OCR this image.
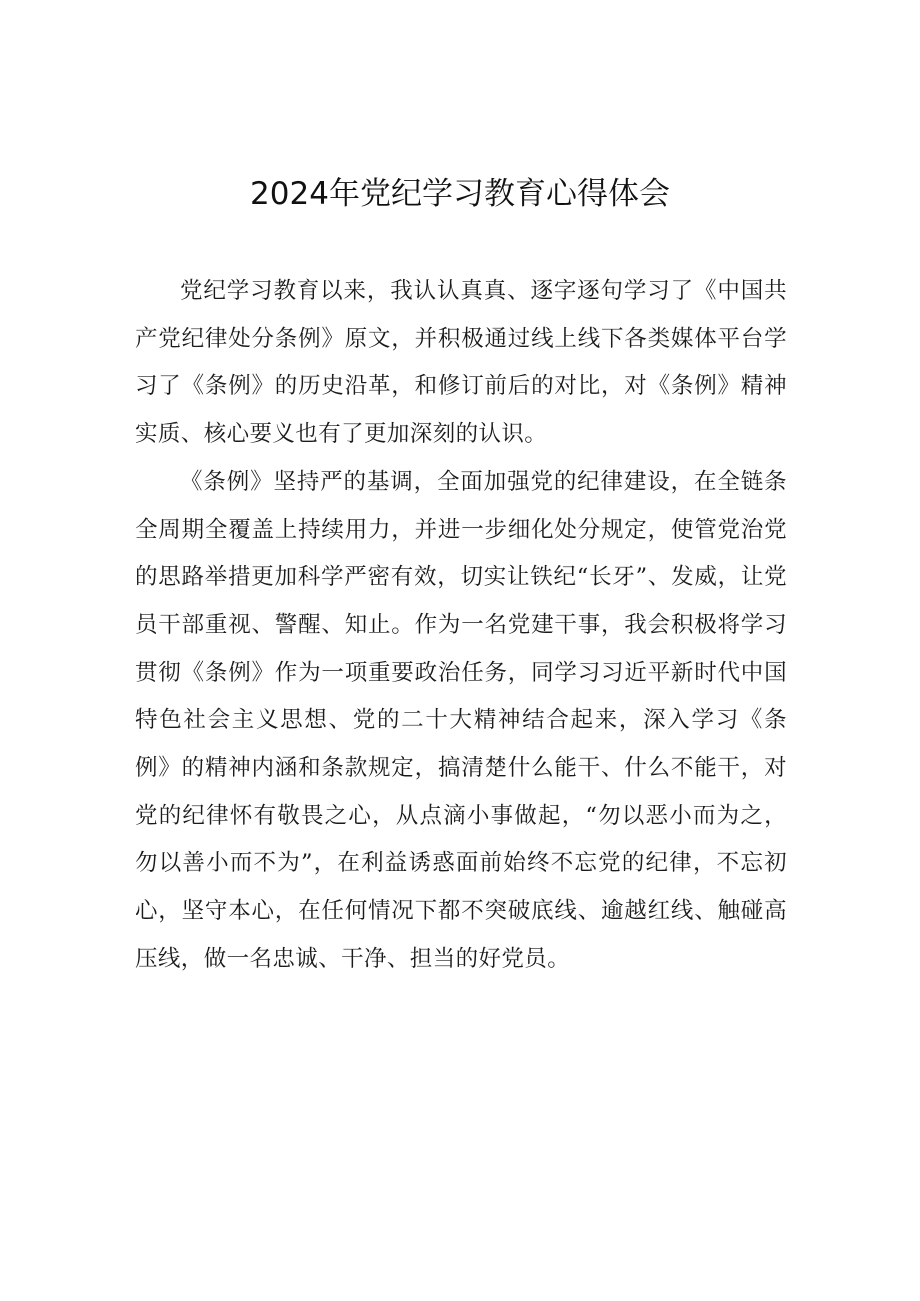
2024年党纪学习教育心得体会

党纪学习教育以来，我认认真真、逐字逐句学习了《中国共产党纪律处分条例》原文，并积极通过线上线下各类媒体平台学习了《条例》的历史沿革，和修订前后的对比，对《条例》精神实质、核心要义也有了更加深刻的认识。

《条例》坚持严的基调，全面加强党的纪律建设，在全链条全周期全覆盖上持续用力，并进一步细化处分规定，使管党治党的思路举措更加科学严密有效，切实让铁纪“长牙”、发威，让党员干部重视、警醒、知止。作为一名党建干事，我会积极将学习贯彻《条例》作为一项重要政治任务，同学习习近平新时代中国特色社会主义思想、党的二十大精神结合起来，深入学习《条例》的精神内涵和条款规定，搞清楚什么能干、什么不能干，对党的纪律怀有敬畏之心，从点滴小事做起，“勿以恶小而为之，勿以善小而不为”，在利益诱惑面前始终不忘党的纪律，不忘初心，坚守本心，在任何情况下都不突破底线、逾越红线、触碰高压线，做一名忠诚、干净、担当的好党员。
